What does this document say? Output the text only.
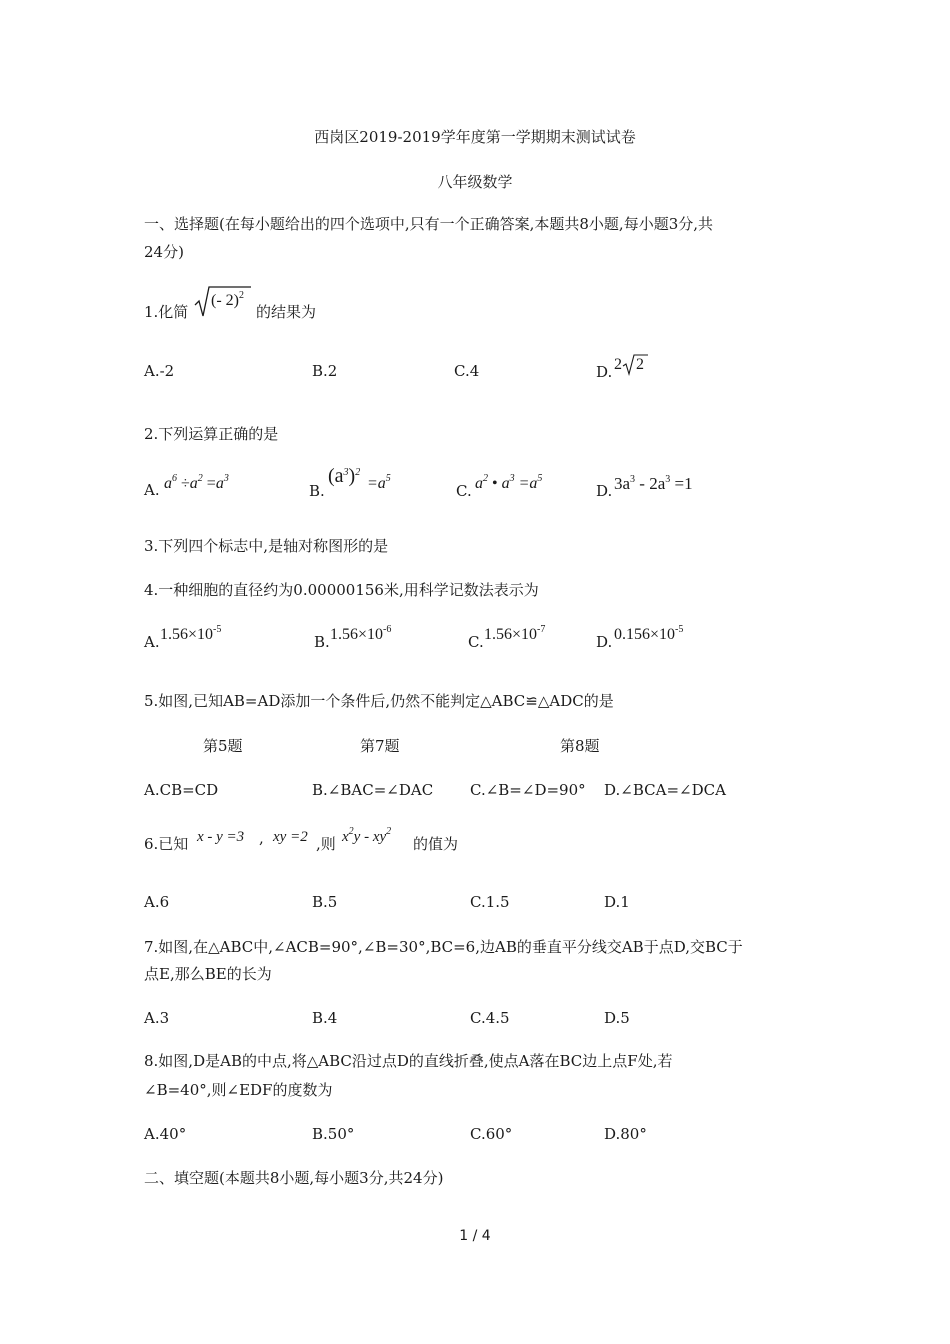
西岗区2019-2019学年度第一学期期末测试试卷
八年级数学
一、选择题(在每小题给出的四个选项中,只有一个正确答案,本题共8小题,每小题3分,共
24分)
1.化简
(- 2)$^2$
的结果为
A.-2	B.2	C.4	D. 2 2
2.下列运算正确的是
A. $a^6 \div a^2 =a^3$
B.
$(a^3)^2$
$=a^5$
C. $a^2$ • $a^3 =a^5$
D. $3a^3 - 2a^3 =1$
3.下列四个标志中,是轴对称图形的是
4.一种细胞的直径约为0.00000156米,用科学记数法表示为
A. $1.56\times 10^{-5}$
B. $1.56\times 10^{-6}$
C. $1.56\times 10^{-7}$
D. $0.156\times 10^{-5}$
5.如图,已知AB=AD添加一个条件后,仍然不能判定△ABC≌△ADC的是
第5题	第7题	第8题
A.CB=CD	B.∠BAC=∠DAC C.∠B=∠D=90° D.∠BCA=∠DCA
6.已知 x - y =3 , xy =2 ,则 $x^2y - xy^2$
的值为
A.6	B.5	C.1.5	D.1
7.如图,在△ABC中,∠ACB=90°,∠B=30°,BC=6,边AB的垂直平分线交AB于点D,交BC于
点E,那么BE的长为
A.3	B.4	C.4.5	D.5
8.如图,D是AB的中点,将△ABC沿过点D的直线折叠,使点A落在BC边上点F处,若
∠B=40°,则∠EDF的度数为
A.40°	B.50°	C.60°	D.80°
二、填空题(本题共8小题,每小题3分,共24分)
1 / 4
